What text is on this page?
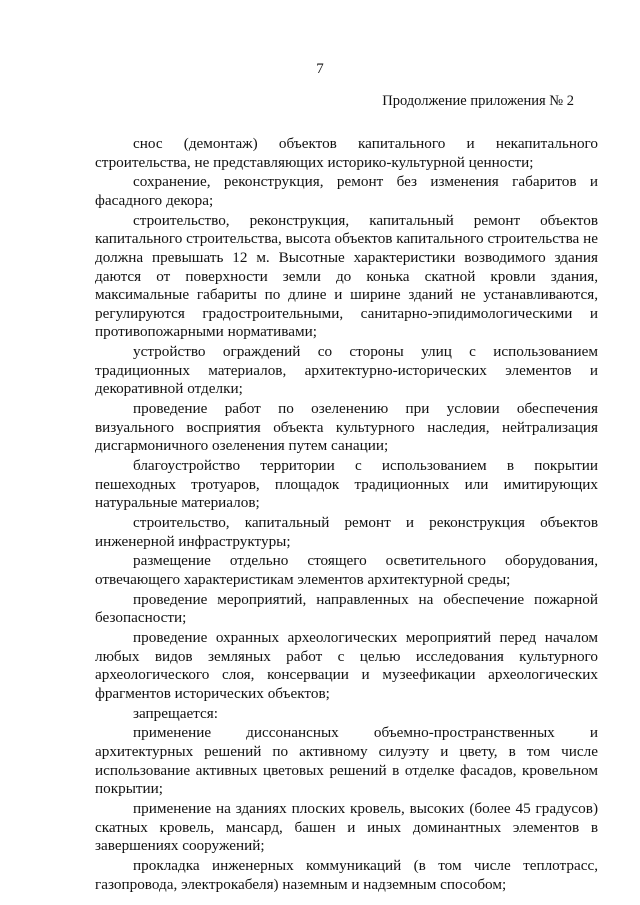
7
Продолжение приложения № 2

снос (демонтаж) объектов капитального и некапитального строительства, не представляющих историко-культурной ценности;

сохранение, реконструкция, ремонт без изменения габаритов и фасадного декора;

строительство, реконструкция, капитальный ремонт объектов капитального строительства, высота объектов капитального строительства не должна превышать 12 м. Высотные характеристики возводимого здания даются от поверхности земли до конька скатной кровли здания, максимальные габариты по длине и ширине зданий не устанавливаются, регулируются градостроительными, санитарно-эпидимологическими и противопожарными нормативами;

устройство ограждений со стороны улиц с использованием традиционных материалов, архитектурно-исторических элементов и декоративной отделки;

проведение работ по озеленению при условии обеспечения визуального восприятия объекта культурного наследия, нейтрализация дисгармоничного озеленения путем санации;

благоустройство территории с использованием в покрытии пешеходных тротуаров, площадок традиционных или имитирующих натуральные материалов;

строительство, капитальный ремонт и реконструкция объектов инженерной инфраструктуры;

размещение отдельно стоящего осветительного оборудования, отвечающего характеристикам элементов архитектурной среды;

проведение мероприятий, направленных на обеспечение пожарной безопасности;

проведение охранных археологических мероприятий перед началом любых видов земляных работ с целью исследования культурного археологического слоя, консервации и музеефикации археологических фрагментов исторических объектов;

запрещается:

применение диссонансных объемно-пространственных и архитектурных решений по активному силуэту и цвету, в том числе использование активных цветовых решений в отделке фасадов, кровельном покрытии;

применение на зданиях плоских кровель, высоких (более 45 градусов) скатных кровель, мансард, башен и иных доминантных элементов в завершениях сооружений;

прокладка инженерных коммуникаций (в том числе теплотрасс, газопровода, электрокабеля) наземным и надземным способом;
